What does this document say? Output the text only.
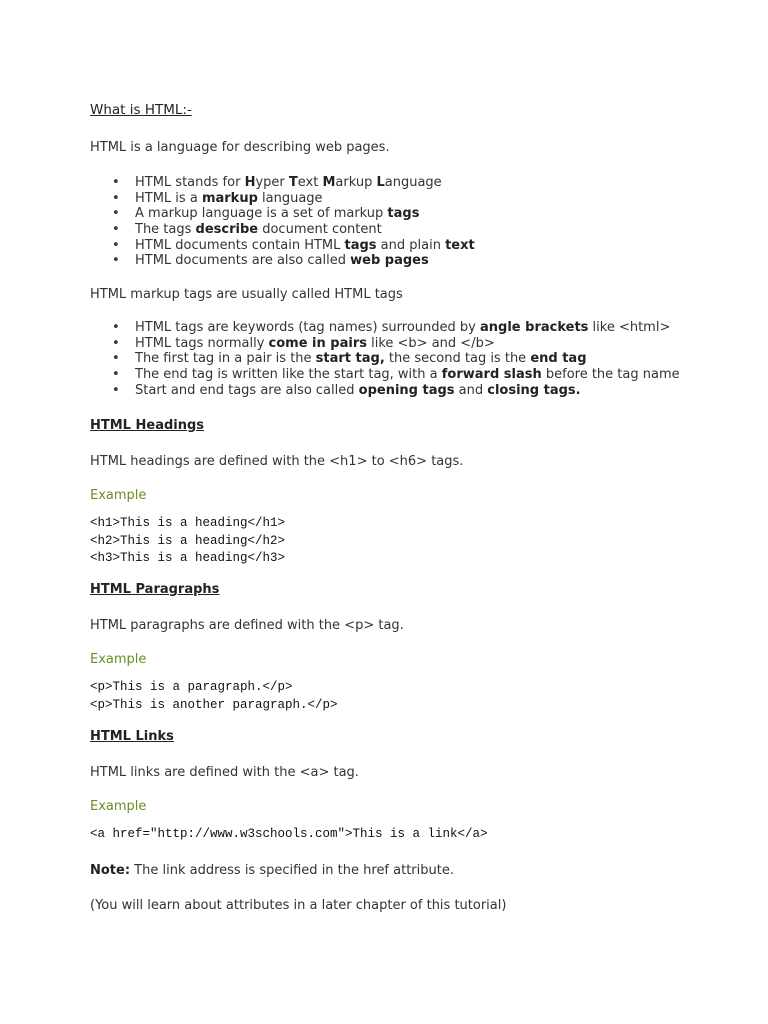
What is HTML:-

HTML is a language for describing web pages.

• HTML stands for Hyper Text Markup Language
• HTML is a markup language
• A markup language is a set of markup tags
• The tags describe document content
• HTML documents contain HTML tags and plain text
• HTML documents are also called web pages

HTML markup tags are usually called HTML tags

• HTML tags are keywords (tag names) surrounded by angle brackets like <html>
• HTML tags normally come in pairs like <b> and </b>
• The first tag in a pair is the start tag, the second tag is the end tag
• The end tag is written like the start tag, with a forward slash before the tag name
• Start and end tags are also called opening tags and closing tags.
HTML Headings

HTML headings are defined with the <h1> to <h6> tags.

Example

<h1>This is a heading</h1>
<h2>This is a heading</h2>
<h3>This is a heading</h3>
HTML Paragraphs

HTML paragraphs are defined with the <p> tag.

Example

<p>This is a paragraph.</p>
<p>This is another paragraph.</p>
HTML Links

HTML links are defined with the <a> tag.

Example

<a href="http://www.w3schools.com">This is a link</a>

Note: The link address is specified in the href attribute.

(You will learn about attributes in a later chapter of this tutorial)
